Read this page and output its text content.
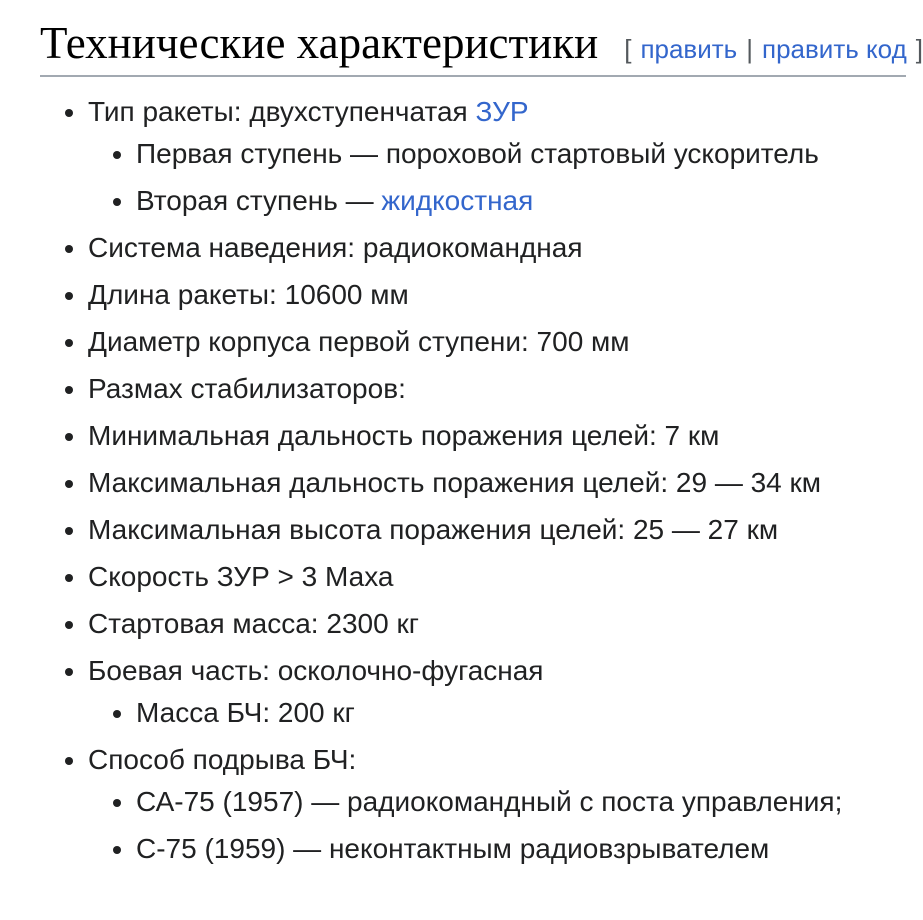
Технические характеристики [ править | править код ]
• Тип ракеты: двухступенчатая ЗУР
• Первая ступень — пороховой стартовый ускоритель
• Вторая ступень — жидкостная
• Система наведения: радиокомандная
• Длина ракеты: 10600 мм
• Диаметр корпуса первой ступени: 700 мм
• Размах стабилизаторов:
• Минимальная дальность поражения целей: 7 км
• Максимальная дальность поражения целей: 29 — 34 км
• Максимальная высота поражения целей: 25 — 27 км
• Скорость ЗУР > 3 Маха
• Стартовая масса: 2300 кг
• Боевая часть: осколочно-фугасная
• Масса БЧ: 200 кг
• Способ подрыва БЧ:
• СА-75 (1957) — радиокомандный с поста управления;
• С-75 (1959) — неконтактным радиовзрывателем
